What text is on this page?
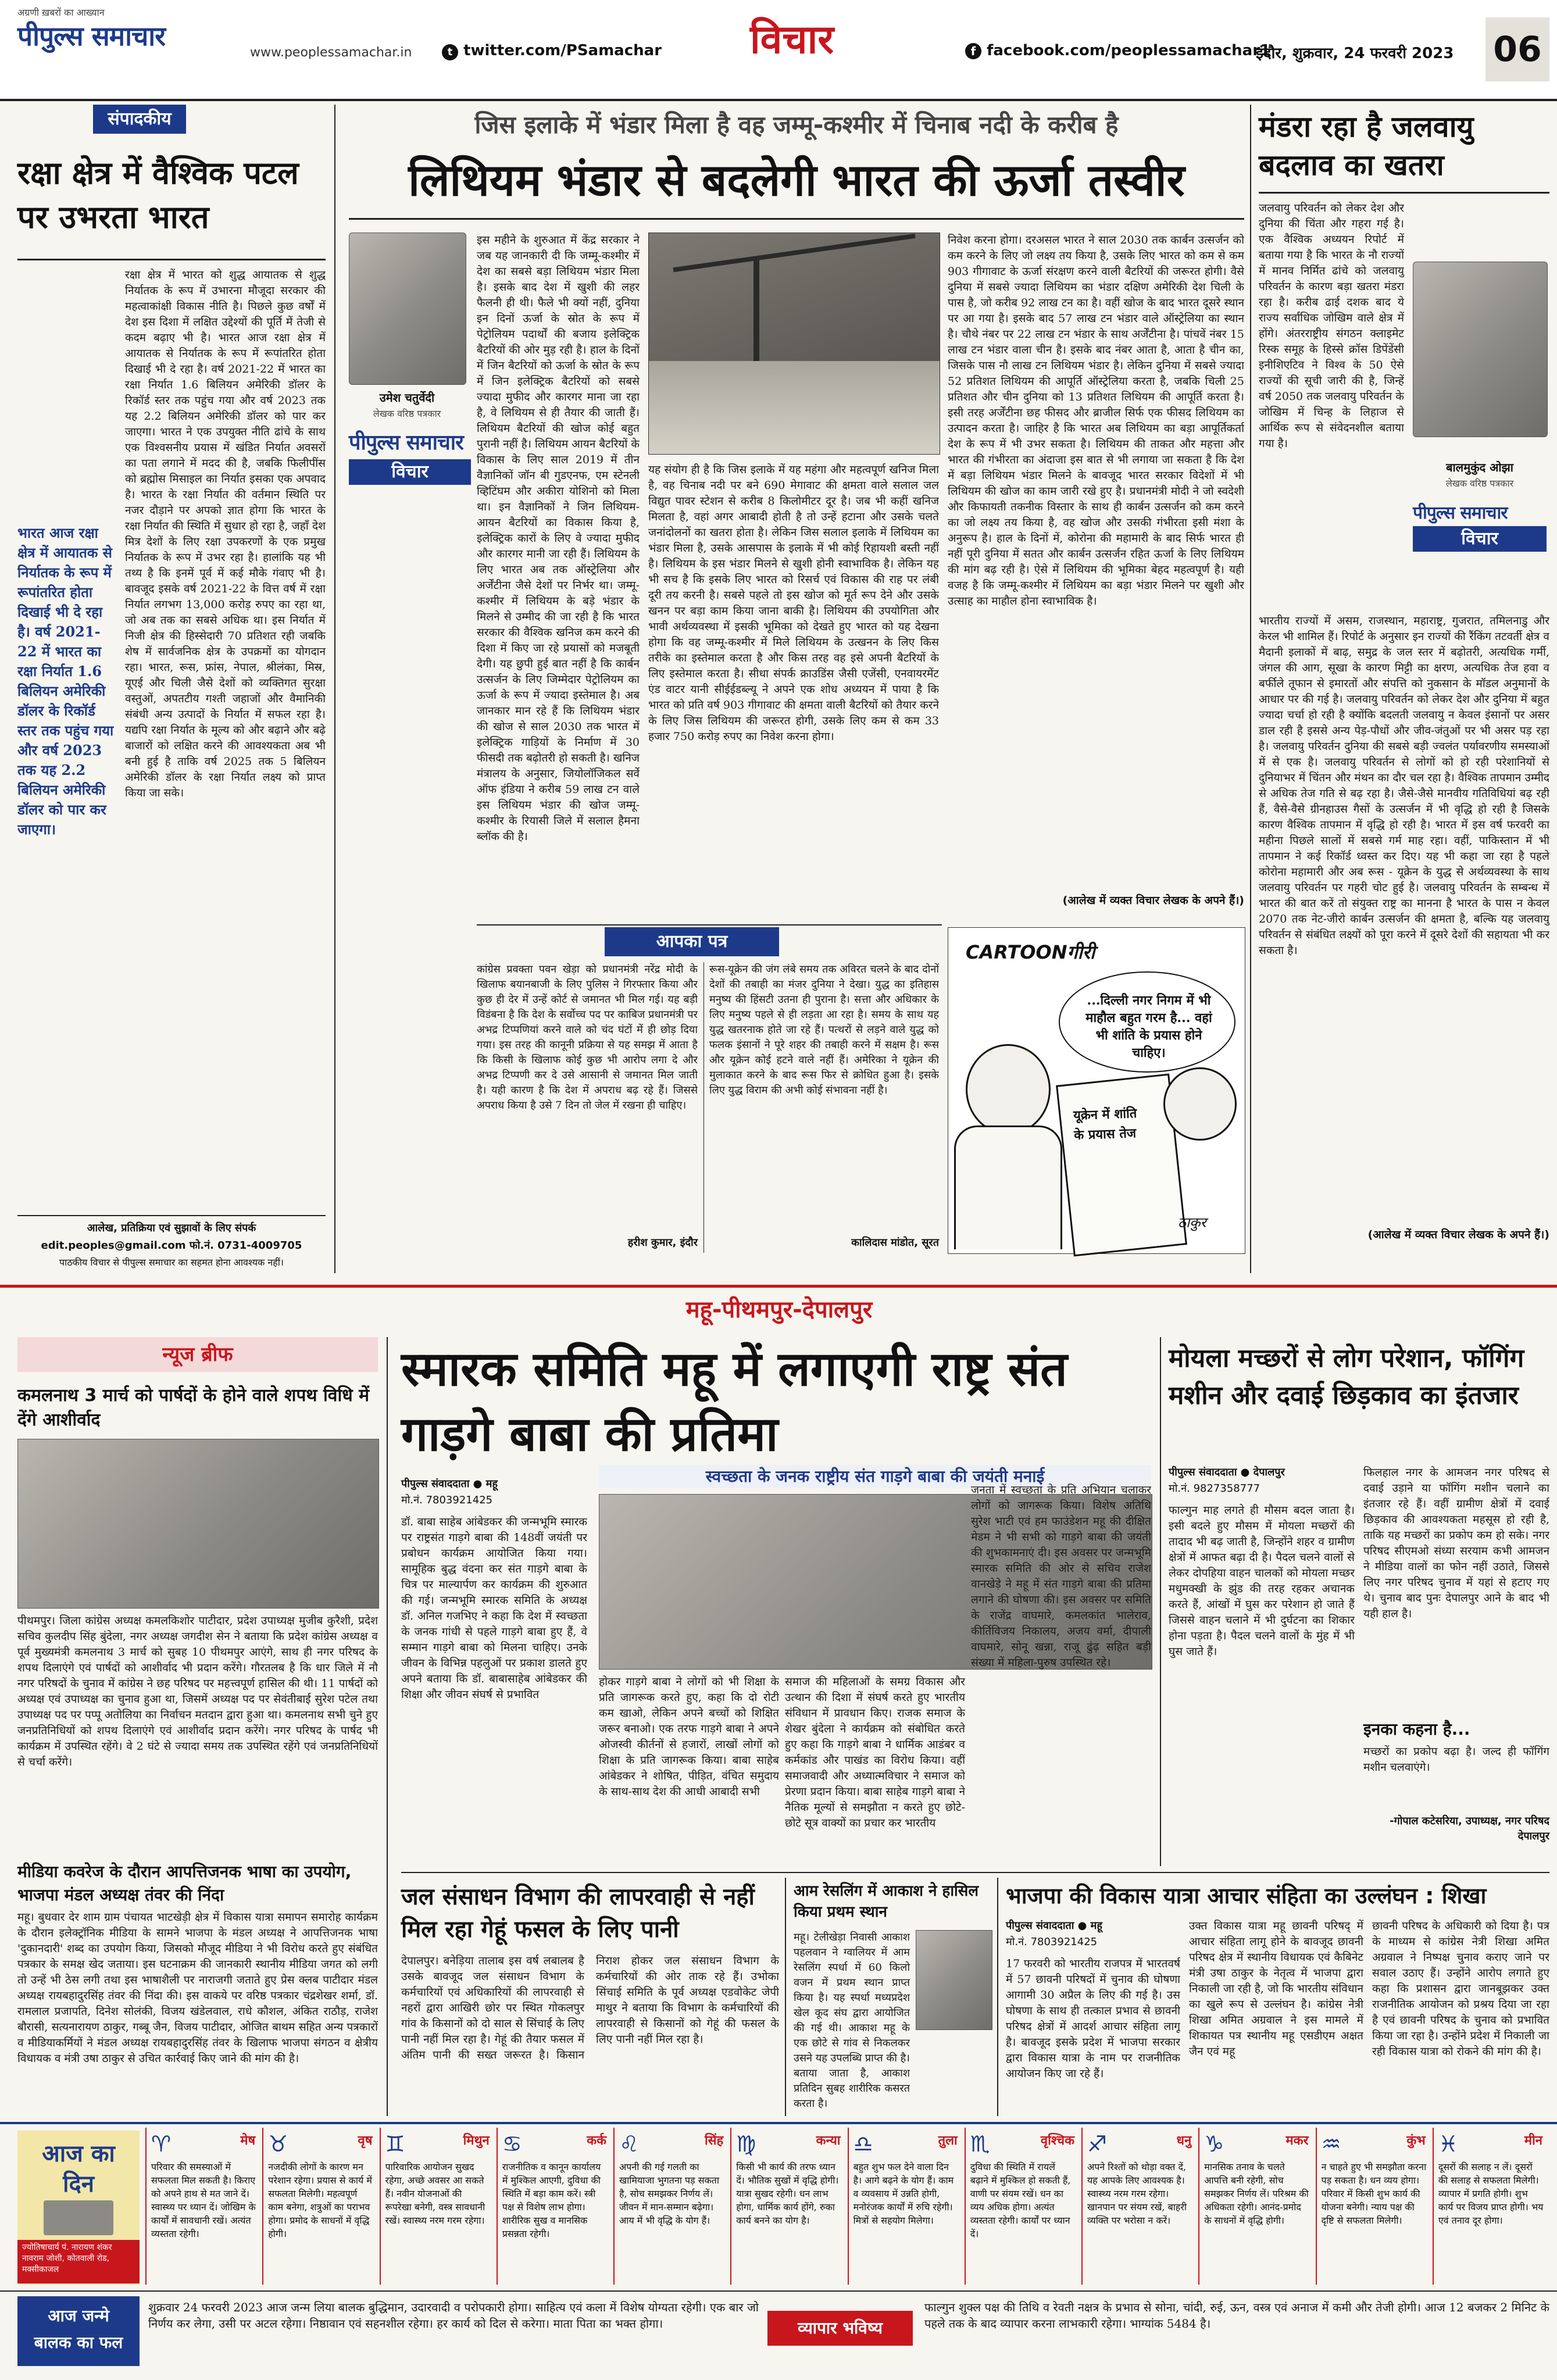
अग्रणी ख़बरों का आख्यान
पीपुल्स समाचार
www.peoplessamachar.in	t twitter.com/PSamachar विचार	f facebook.com/peoplessamachar1
इंदौर, शुक्रवार, 24 फरवरी 2023 06
संपादकीय
रक्षा क्षेत्र में वैश्विक पटल पर उभरता भारत
रक्षा क्षेत्र में भारत को शुद्ध आयातक से शुद्ध निर्यातक के रूप में उभारना मौजूदा सरकार की महत्वाकांक्षी विकास नीति है। पिछले कुछ वर्षों में देश इस दिशा में लक्षित उद्देश्यों की पूर्ति में तेजी से कदम बढ़ाए भी है। भारत आज रक्षा क्षेत्र में आयातक से निर्यातक के रूप में रूपांतरित होता दिखाई भी दे रहा है। वर्ष 2021-22 में भारत का रक्षा निर्यात 1.6 बिलियन अमेरिकी डॉलर के रिकॉर्ड स्तर तक पहुंच गया और वर्ष 2023 तक यह 2.2 बिलियन अमेरिकी डॉलर को पार कर जाएगा। भारत ने एक उपयुक्त नीति ढांचे के साथ एक विश्वसनीय प्रयास में खंडित निर्यात अवसरों का पता लगाने में मदद की है, जबकि फिलीपींस को ब्रह्मोस मिसाइल का निर्यात इसका एक अपवाद है। भारत के रक्षा निर्यात की वर्तमान स्थिति पर नजर दौड़ाने पर अपको ज्ञात होगा कि भारत के रक्षा निर्यात की स्थिति में सुधार हो रहा है, जहाँ देश मित्र देशों के लिए रक्षा उपकरणों के एक प्रमुख निर्यातक के रूप में उभर रहा है। हालांकि यह भी तथ्य है कि इनमें पूर्व में कई मौके गंवाए भी है। बावजूद इसके वर्ष 2021-22 के वित्त वर्ष में रक्षा निर्यात लगभग 13,000 करोड़ रुपए का रहा था, जो अब तक का सबसे अधिक था। इस निर्यात में निजी क्षेत्र की हिस्सेदारी 70 प्रतिशत रही जबकि शेष में सार्वजनिक क्षेत्र के उपक्रमों का योगदान रहा। भारत, रूस, फ्रांस, नेपाल, श्रीलंका, मिस्र, यूएई और चिली जैसे देशों को व्यक्तिगत सुरक्षा वस्तुओं, अपतटीय गश्ती जहाजों और वैमानिकी संबंधी अन्य उत्पादों के निर्यात में सफल रहा है। यद्यपि रक्षा निर्यात के मूल्य को और बढ़ाने और बढ़े बाजारों को लक्षित करने की आवश्यकता अब भी बनी हुई है ताकि वर्ष 2025 तक 5 बिलियन अमेरिकी डॉलर के रक्षा निर्यात लक्ष्य को प्राप्त किया जा सके।
भारत आज रक्षा क्षेत्र में आयातक से निर्यातक के रूप में रूपांतरित होता दिखाई भी दे रहा है। वर्ष 2021-22 में भारत का रक्षा निर्यात 1.6 बिलियन अमेरिकी डॉलर के रिकॉर्ड स्तर तक पहुंच गया और वर्ष 2023 तक यह 2.2 बिलियन अमेरिकी डॉलर को पार कर जाएगा।
आलेख, प्रतिक्रिया एवं सुझावों के लिए संपर्क
edit.peoples@gmail.com फो.नं. 0731-4009705
पाठकीय विचार से पीपुल्स समाचार का सहमत होना आवश्यक नहीं।
जिस इलाके में भंडार मिला है वह जम्मू-कश्मीर में चिनाब नदी के करीब है
लिथियम भंडार से बदलेगी भारत की ऊर्जा तस्वीर
उमेश चतुर्वेदी
लेखक वरिष्ठ पत्रकार
पीपुल्स समाचार
विचार
इस महीने के शुरुआत में केंद्र सरकार ने जब यह जानकारी दी कि जम्मू-कश्मीर में देश का सबसे बड़ा लिथियम भंडार मिला है। इसके बाद देश में खुशी की लहर फैलनी ही थी। फैले भी क्यों नहीं, दुनिया इन दिनों ऊर्जा के स्रोत के रूप में पेट्रोलियम पदार्थों की बजाय इलेक्ट्रिक बैटरियों की ओर मुड़ रही है। हाल के दिनों में जिन बैटरियों को ऊर्जा के स्रोत के रूप में जिन इलेक्ट्रिक बैटरियों को सबसे ज्यादा मुफीद और कारगर माना जा रहा है, वे लिथियम से ही तैयार की जाती हैं। लिथियम बैटरियों की खोज कोई बहुत पुरानी नहीं है। लिथियम आयन बैटरियों के विकास के लिए साल 2019 में तीन वैज्ञानिकों जॉन बी गुडएनफ, एम स्टेनली व्हिटिंघम और अकीरा योशिनो को मिला था। इन वैज्ञानिकों ने जिन लिथियम- आयन बैटरियों का विकास किया है, इलेक्ट्रिक कारों के लिए वे ज्यादा मुफीद और कारगर मानी जा रही हैं। लिथियम के लिए भारत अब तक ऑस्ट्रेलिया और अर्जेंटीना जैसे देशों पर निर्भर था। जम्मू-कश्मीर में लिथियम के बड़े भंडार के मिलने से उम्मीद की जा रही है कि भारत सरकार की वैश्विक खनिज कम करने की दिशा में किए जा रहे प्रयासों को मजबूती देगी। यह छुपी हुई बात नहीं है कि कार्बन उत्सर्जन के लिए जिम्मेदार पेट्रोलियम का ऊर्जा के रूप में ज्यादा इस्तेमाल है। अब जानकार मान रहे हैं कि लिथियम भंडार की खोज से साल 2030 तक भारत में इलेक्ट्रिक गाड़ियों के निर्माण में 30 फीसदी तक बढ़ोतरी हो सकती है। खनिज मंत्रालय के अनुसार, जियोलॉजिकल सर्वे ऑफ इंडिया ने करीब 59 लाख टन वाले इस लिथियम भंडार की खोज जम्मू-कश्मीर के रियासी जिले में सलाल हैमना ब्लॉक की है।
यह संयोग ही है कि जिस इलाके में यह महंगा और महत्वपूर्ण खनिज मिला है, वह चिनाब नदी पर बने 690 मेगावाट की क्षमता वाले सलाल जल विद्युत पावर स्टेशन से करीब 8 किलोमीटर दूर है। जब भी कहीं खनिज मिलता है, वहां अगर आबादी होती है तो उन्हें हटाना और उसके चलते जनांदोलनों का खतरा होता है। लेकिन जिस सलाल इलाके में लिथियम का भंडार मिला है, उसके आसपास के इलाके में भी कोई रिहायशी बस्ती नहीं है। लिथियम के इस भंडार मिलने से खुशी होनी स्वाभाविक है। लेकिन यह भी सच है कि इसके लिए भारत को रिसर्च एवं विकास की राह पर लंबी दूरी तय करनी है। सबसे पहले तो इस खोज को मूर्त रूप देने और उसके खनन पर बड़ा काम किया जाना बाकी है। लिथियम की उपयोगिता और भावी अर्थव्यवस्था में इसकी भूमिका को देखते हुए भारत को यह देखना होगा कि वह जम्मू-कश्मीर में मिले लिथियम के उत्खनन के लिए किस तरीके का इस्तेमाल करता है और किस तरह वह इसे अपनी बैटरियों के लिए इस्तेमाल करता है। सीधा संपर्क क्राउडिंस जैसी एजेंसी, एनवायरमेंट एंड वाटर यानी सीईईडब्ल्यू ने अपने एक शोध अध्ययन में पाया है कि भारत को प्रति वर्ष 903 गीगावाट की क्षमता वाली बैटरियों को तैयार करने के लिए जिस लिथियम की जरूरत होगी, उसके लिए कम से कम 33 हजार 750 करोड़ रुपए का निवेश करना होगा।
निवेश करना होगा। दरअसल भारत ने साल 2030 तक कार्बन उत्सर्जन को कम करने के लिए जो लक्ष्य तय किया है, उसके लिए भारत को कम से कम 903 गीगावाट के ऊर्जा संरक्षण करने वाली बैटरियों की जरूरत होगी। वैसे दुनिया में सबसे ज्यादा लिथियम का भंडार दक्षिण अमेरिकी देश चिली के पास है, जो करीब 92 लाख टन का है। वहीं खोज के बाद भारत दूसरे स्थान पर आ गया है। इसके बाद 57 लाख टन भंडार वाले ऑस्ट्रेलिया का स्थान है। चौथे नंबर पर 22 लाख टन भंडार के साथ अर्जेंटीना है। पांचवें नंबर 15 लाख टन भंडार वाला चीन है। इसके बाद नंबर आता है, आता है चीन का, जिसके पास नौ लाख टन लिथियम भंडार है। लेकिन दुनिया में सबसे ज्यादा 52 प्रतिशत लिथियम की आपूर्ति ऑस्ट्रेलिया करता है, जबकि चिली 25 प्रतिशत और चीन दुनिया को 13 प्रतिशत लिथियम की आपूर्ति करता है। इसी तरह अर्जेंटीना छह फीसद और ब्राजील सिर्फ एक फीसद लिथियम का उत्पादन करता है। जाहिर है कि भारत अब लिथियम का बड़ा आपूर्तिकर्ता देश के रूप में भी उभर सकता है। लिथियम की ताकत और महत्ता और भारत की गंभीरता का अंदाजा इस बात से भी लगाया जा सकता है कि देश में बड़ा लिथियम भंडार मिलने के बावजूद भारत सरकार विदेशों में भी लिथियम की खोज का काम जारी रखे हुए है। प्रधानमंत्री मोदी ने जो स्वदेशी और किफायती तकनीक विस्तार के साथ ही कार्बन उत्सर्जन को कम करने का जो लक्ष्य तय किया है, वह खोज और उसकी गंभीरता इसी मंशा के अनुरूप है। हाल के दिनों में, कोरोना की महामारी के बाद सिर्फ भारत ही नहीं पूरी दुनिया में सतत और कार्बन उत्सर्जन रहित ऊर्जा के लिए लिथियम की मांग बढ़ रही है। ऐसे में लिथियम की भूमिका बेहद महत्वपूर्ण है। यही वजह है कि जम्मू-कश्मीर में लिथियम का बड़ा भंडार मिलने पर खुशी और उत्साह का माहौल होना स्वाभाविक है।
(आलेख में व्यक्त विचार लेखक के अपने हैं।)
मंडरा रहा है जलवायु बदलाव का खतरा
जलवायु परिवर्तन को लेकर देश और दुनिया की चिंता और गहरा गई है। एक वैश्विक अध्ययन रिपोर्ट में बताया गया है कि भारत के नौ राज्यों में मानव निर्मित ढांचे को जलवायु परिवर्तन के कारण बड़ा खतरा मंडरा रहा है। करीब ढाई दशक बाद ये राज्य सर्वाधिक जोखिम वाले क्षेत्र में होंगे। अंतरराष्ट्रीय संगठन क्लाइमेट रिस्क समूह के हिस्से क्रॉस डिपेंडेंसी इनीशिएटिव ने विश्व के 50 ऐसे राज्यों की सूची जारी की है, जिन्हें वर्ष 2050 तक जलवायु परिवर्तन के जोखिम में चिन्ह के लिहाज से आर्थिक रूप से संवेदनशील बताया गया है।
बालमुकुंद ओझा
लेखक वरिष्ठ पत्रकार
पीपुल्स समाचार
विचार
भारतीय राज्यों में असम, राजस्थान, महाराष्ट्र, गुजरात, तमिलनाडु और केरल भी शामिल हैं। रिपोर्ट के अनुसार इन राज्यों की रैंकिंग तटवर्ती क्षेत्र व मैदानी इलाकों में बाढ़, समुद्र के जल स्तर में बढ़ोतरी, अत्यधिक गर्मी, जंगल की आग, सूखा के कारण मिट्टी का क्षरण, अत्यधिक तेज हवा व बर्फीले तूफान से इमारतों और संपत्ति को नुकसान के मॉडल अनुमानों के आधार पर की गई है। जलवायु परिवर्तन को लेकर देश और दुनिया में बहुत ज्यादा चर्चा हो रही है क्योंकि बदलती जलवायु न केवल इंसानों पर असर डाल रही है इससे अन्य पेड़-पौधों और जीव-जंतुओं पर भी असर पड़ रहा है। जलवायु परिवर्तन दुनिया की सबसे बड़ी ज्वलंत पर्यावरणीय समस्याओं में से एक है। जलवायु परिवर्तन से लोगों को हो रही परेशानियों से दुनियाभर में चिंतन और मंथन का दौर चल रहा है। वैश्विक तापमान उम्मीद से अधिक तेज गति से बढ़ रहा है। जैसे-जैसे मानवीय गतिविधियां बढ़ रही हैं, वैसे-वैसे ग्रीनहाउस गैसों के उत्सर्जन में भी वृद्धि हो रही है जिसके कारण वैश्विक तापमान में वृद्धि हो रही है। भारत में इस वर्ष फरवरी का महीना पिछले सालों में सबसे गर्म माह रहा। वहीं, पाकिस्तान में भी तापमान ने कई रिकॉर्ड ध्वस्त कर दिए। यह भी कहा जा रहा है पहले कोरोना महामारी और अब रूस - यूक्रेन के युद्ध से अर्थव्यवस्था के साथ जलवायु परिवर्तन पर गहरी चोट हुई है। जलवायु परिवर्तन के सम्बन्ध में भारत की बात करें तो संयुक्त राष्ट्र का मानना है भारत के पास न केवल 2070 तक नेट-जीरो कार्बन उत्सर्जन की क्षमता है, बल्कि यह जलवायु परिवर्तन से संबंधित लक्ष्यों को पूरा करने में दूसरे देशों की सहायता भी कर सकता है।
(आलेख में व्यक्त विचार लेखक के अपने हैं।)
आपका पत्र
कांग्रेस प्रवक्ता पवन खेड़ा को प्रधानमंत्री नरेंद्र मोदी के खिलाफ बयानबाजी के लिए पुलिस ने गिरफ्तार किया और कुछ ही देर में उन्हें कोर्ट से जमानत भी मिल गई। यह बड़ी विडंबना है कि देश के सर्वोच्च पद पर काबिज प्रधानमंत्री पर अभद्र टिप्पणियां करने वाले को चंद घंटों में ही छोड़ दिया गया। इस तरह की कानूनी प्रक्रिया से यह समझ में आता है कि किसी के खिलाफ कोई कुछ भी आरोप लगा दे और अभद्र टिप्पणी कर दे उसे आसानी से जमानत मिल जाती है। यही कारण है कि देश में अपराध बढ़ रहे हैं। जिससे अपराध किया है उसे 7 दिन तो जेल में रखना ही चाहिए।
हरीश कुमार, इंदौर
रूस-यूक्रेन की जंग लंबे समय तक अविरत चलने के बाद दोनों देशों की तबाही का मंजर दुनिया ने देखा। युद्ध का इतिहास मनुष्य की हिंसटी उतना ही पुराना है। सत्ता और अधिकार के लिए मनुष्य पहले से ही लड़ता आ रहा है। समय के साथ यह युद्ध खतरनाक होते जा रहे हैं। पत्थरों से लड़ने वाले युद्ध को फलक इंसानों ने पूरे शहर की तबाही करने में सक्षम है। रूस और यूक्रेन कोई हटने वाले नहीं हैं। अमेरिका ने यूक्रेन की मुलाकात करने के बाद रूस फिर से क्रोधित हुआ है। इसके लिए युद्ध विराम की अभी कोई संभावना नहीं है।
कालिदास मांडोत, सूरत
CARTOONगीरी
...दिल्ली नगर निगम में भी माहौल बहुत गरम है... वहां भी शांति के प्रयास होने चाहिए।
यूक्रेन में शांति के प्रयास तेज
ठाकुर
महू-पीथमपुर-देपालपुर
न्यूज ब्रीफ
कमलनाथ 3 मार्च को पार्षदों के होने वाले शपथ विधि में देंगे आशीर्वाद
पीथमपुर। जिला कांग्रेस अध्यक्ष कमलकिशोर पाटीदार, प्रदेश उपाध्यक्ष मुजीब कुरैशी, प्रदेश सचिव कुलदीप सिंह बुंदेला, नगर अध्यक्ष जगदीश सेन ने बताया कि प्रदेश कांग्रेस अध्यक्ष व पूर्व मुख्यमंत्री कमलनाथ 3 मार्च को सुबह 10 पीथमपुर आएंगे, साथ ही नगर परिषद के शपथ दिलाएंगे एवं पार्षदों को आशीर्वाद भी प्रदान करेंगे। गौरतलब है कि धार जिले में नौ नगर परिषदों के चुनाव में कांग्रेस ने छह परिषद पर महत्त्वपूर्ण हासिल की थी। 11 पार्षदों को अध्यक्ष एवं उपाध्यक्ष का चुनाव हुआ था, जिसमें अध्यक्ष पद पर सेवंतीबाई सुरेश पटेल तथा उपाध्यक्ष पद पर पप्पू अतोलिया का निर्वाचन मतदान द्वारा हुआ था। कमलनाथ सभी चुने हुए जनप्रतिनिधियों को शपथ दिलाएंगे एवं आशीर्वाद प्रदान करेंगे। नगर परिषद के पार्षद भी कार्यक्रम में उपस्थित रहेंगे। वे 2 घंटे से ज्यादा समय तक उपस्थित रहेंगे एवं जनप्रतिनिधियों से चर्चा करेंगे।
मीडिया कवरेज के दौरान आपत्तिजनक भाषा का उपयोग, भाजपा मंडल अध्यक्ष तंवर की निंदा
महू। बुधवार देर शाम ग्राम पंचायत भाटखेड़ी क्षेत्र में विकास यात्रा समापन समारोह कार्यक्रम के दौरान इलेक्ट्रॉनिक मीडिया के सामने भाजपा के मंडल अध्यक्ष ने आपत्तिजनक भाषा 'दुकानदारी' शब्द का उपयोग किया, जिसको मौजूद मीडिया ने भी विरोध करते हुए संबंधित पत्रकार के समक्ष खेद जताया। इस घटनाक्रम की जानकारी स्थानीय मीडिया जगत को लगी तो उन्हें भी ठेस लगी तथा इस भाषाशैली पर नाराजगी जताते हुए प्रेस क्लब पाटीदार मंडल अध्यक्ष रायबहादुरसिंह तंवर की निंदा की। इस वाकये पर वरिष्ठ पत्रकार चंद्रशेखर शर्मा, डॉ. रामलाल प्रजापति, दिनेश सोलंकी, विजय खंडेलवाल, राधे कौशल, अंकित राठौड़, राजेश बौरासी, सत्यनारायण ठाकुर, गब्बू जैन, विजय पाटीदार, ओजित बाथम सहित अन्य पत्रकारों व मीडियाकर्मियों ने मंडल अध्यक्ष रायबहादुरसिंह तंवर के खिलाफ भाजपा संगठन व क्षेत्रीय विधायक व मंत्री उषा ठाकुर से उचित कार्रवाई किए जाने की मांग की है।
स्मारक समिति महू में लगाएगी राष्ट्र संत गाड़गे बाबा की प्रतिमा
पीपुल्स संवाददाता ● महू
मो.नं. 7803921425
स्वच्छता के जनक राष्ट्रीय संत गाड़गे बाबा की जयंती मनाई
डॉ. बाबा साहेब आंबेडकर की जन्मभूमि स्मारक पर राष्ट्रसंत गाड़गे बाबा की 148वीं जयंती पर प्रबोधन कार्यक्रम आयोजित किया गया। सामूहिक बुद्ध वंदना कर संत गाड़गे बाबा के चित्र पर माल्यार्पण कर कार्यक्रम की शुरुआत की गई। जन्मभूमि स्मारक समिति के अध्यक्ष डॉ. अनिल गजभिए ने कहा कि देश में स्वच्छता के जनक गांधी से पहले गाड़गे बाबा हुए हैं, वे सम्मान गाड़गे बाबा को मिलना चाहिए। उनके जीवन के विभिन्न पहलुओं पर प्रकाश डालते हुए अपने बताया कि डॉ. बाबासाहेब आंबेडकर की शिक्षा और जीवन संघर्ष से प्रभावित
होकर गाड़गे बाबा ने लोगों को भी शिक्षा के प्रति जागरूक करते हुए, कहा कि दो रोटी कम खाओ, लेकिन अपने बच्चों को शिक्षित जरूर बनाओ। एक तरफ गाड़गे बाबा ने अपने ओजस्वी कीर्तनों से हजारों, लाखों लोगों को शिक्षा के प्रति जागरूक किया। बाबा साहेब आंबेडकर ने शोषित, पीड़ित, वंचित समुदाय के साथ-साथ देश की आधी आबादी सभी
समाज की महिलाओं के समग्र विकास और उत्थान की दिशा में संघर्ष करते हुए भारतीय संविधान में प्रावधान किए। राजक समाज के शेखर बुंदेला ने कार्यक्रम को संबोधित करते हुए कहा कि गाड़गे बाबा ने धार्मिक आडंबर व कर्मकांड और पाखंड का विरोध किया। वहीं समाजवादी और अध्यात्मविचार ने समाज को प्रेरणा प्रदान किया। बाबा साहेब गाड़गे बाबा ने नैतिक मूल्यों से समझौता न करते हुए छोटे-छोटे सूत्र वाक्यों का प्रचार कर भारतीय
जनता में स्वच्छता के प्रति अभियान चलाकर लोगों को जागरूक किया। विशेष अतिथि सुरेश भाटी एवं हम फाउंडेशन महू की दीक्षित मेडम ने भी सभी को गाड़गे बाबा की जयंती की शुभकामनाएं दी। इस अवसर पर जन्मभूमि स्मारक समिति की ओर से सचिव राजेश वानखेड़े ने महू में संत गाड़गे बाबा की प्रतिमा लगाने की घोषणा की। इस अवसर पर समिति के राजेंद्र वाघमारे, कमलकांत भालेराव, कीर्तिविजय निकालय, अजय वर्मा, दीपाली वाघमारे, सोनू खन्ना, राजू ढुंढ़ सहित बड़ी संख्या में महिला-पुरुष उपस्थित रहे।
मोयला मच्छरों से लोग परेशान, फॉगिंग मशीन और दवाई छिड़काव का इंतजार
पीपुल्स संवाददाता ● देपालपुर
मो.नं. 9827358777
फाल्गुन माह लगते ही मौसम बदल जाता है। इसी बदले हुए मौसम में मोयला मच्छरों की तादाद भी बढ़ जाती है, जिन्होंने शहर व ग्रामीण क्षेत्रों में आफत बढ़ा दी है। पैदल चलने वालों से लेकर दोपहिया वाहन चालकों को मोयला मच्छर मधुमक्खी के झुंड की तरह रहकर अचानक करते हैं, आंखों में घुस कर परेशान हो जाते हैं जिससे वाहन चलाने में भी दुर्घटना का शिकार होना पड़ता है। पैदल चलने वालों के मुंह में भी घुस जाते हैं।
फिलहाल नगर के आमजन नगर परिषद से दवाई उड़ाने या फॉगिंग मशीन चलाने का इंतजार रहे हैं। वहीं ग्रामीण क्षेत्रों में दवाई छिड़काव की आवश्यकता महसूस हो रही है, ताकि यह मच्छरों का प्रकोप कम हो सके। नगर परिषद सीएमओ संध्या सरयाम कभी आमजन ने मीडिया वालों का फोन नहीं उठाते, जिससे लिए नगर परिषद चुनाव में यहां से हटाए गए थे। चुनाव बाद पुनः देपालपुर आने के बाद भी यही हाल है।
इनका कहना है...
मच्छरों का प्रकोप बढ़ा है। जल्द ही फॉगिंग मशीन चलवाएंगे।
-गोपाल कटेसरिया, उपाध्यक्ष, नगर परिषद देपालपुर
जल संसाधन विभाग की लापरवाही से नहीं मिल रहा गेहूं फसल के लिए पानी
देपालपुर। बनेड़िया तालाब इस वर्ष लबालब है उसके बावजूद जल संसाधन विभाग के कर्मचारियों एवं अधिकारियों की लापरवाही से नहरों द्वारा आखिरी छोर पर स्थित गोकलपुर गांव के किसानों को दो साल से सिंचाई के लिए पानी नहीं मिल रहा है। गेहूं की तैयार फसल में अंतिम पानी की सख्त जरूरत है। किसान निराश होकर जल संसाधन विभाग के कर्मचारियों की ओर ताक रहे हैं। उभोका सिंचाई समिति के पूर्व अध्यक्ष एडवोकेट जेपी माथुर ने बताया कि विभाग के कर्मचारियों की लापरवाही से किसानों को गेहूं की फसल के लिए पानी नहीं मिल रहा है।
आम रेसलिंग में आकाश ने हासिल किया प्रथम स्थान
महू। टेलीखेड़ा निवासी आकाश पहलवान ने ग्वालियर में आम रेसलिंग स्पर्धा में 60 किलो वजन में प्रथम स्थान प्राप्त किया है। यह स्पर्धा मध्यप्रदेश खेल कूद संघ द्वारा आयोजित की गई थी। आकाश महू के एक छोटे से गांव से निकलकर उसने यह उपलब्धि प्राप्त की है। बताया जाता है, आकाश प्रतिदिन सुबह शारीरिक कसरत करता है।
भाजपा की विकास यात्रा आचार संहिता का उल्लंघन : शिखा
पीपुल्स संवाददाता ● महू
मो.नं. 7803921425
17 फरवरी को भारतीय राजपत्र में भारतवर्ष में 57 छावनी परिषदों में चुनाव की घोषणा आगामी 30 अप्रैल के लिए की गई है। उस घोषणा के साथ ही तत्काल प्रभाव से छावनी परिषद क्षेत्रों में आदर्श आचार संहिता लागू है। बावजूद इसके प्रदेश में भाजपा सरकार द्वारा विकास यात्रा के नाम पर राजनीतिक आयोजन किए जा रहे हैं।
उक्त विकास यात्रा महू छावनी परिषद् में आचार संहिता लागू होने के बावजूद छावनी परिषद क्षेत्र में स्थानीय विधायक एवं कैबिनेट मंत्री उषा ठाकुर के नेतृत्व में भाजपा द्वारा निकाली जा रही है, जो कि भारतीय संविधान का खुले रूप से उल्लंघन है। कांग्रेस नेत्री शिखा अमित अग्रवाल ने इस मामले में शिकायत पत्र स्थानीय महू एसडीएम अक्षत जैन एवं महू
छावनी परिषद के अधिकारी को दिया है। पत्र के माध्यम से कांग्रेस नेत्री शिखा अमित अग्रवाल ने निष्पक्ष चुनाव कराए जाने पर सवाल उठाए हैं। उन्होंने आरोप लगाते हुए कहा कि प्रशासन द्वारा जानबूझकर उक्त राजनीतिक आयोजन को प्रश्रय दिया जा रहा है एवं छावनी परिषद के चुनाव को प्रभावित किया जा रहा है। उन्होंने प्रदेश में निकाली जा रही विकास यात्रा को रोकने की मांग की है।
आज का
दिन
ज्योतिषाचार्य पं. नारायण शंकर नावराम जोशी, कोतवाली रोड, मक्सीकाजल
♈	मेष
परिवार की समस्याओं में सफलता मिल सकती है। किराए को अपने हाथ से मत जाने दें। स्वास्थ्य पर ध्यान दें। जोखिम के कार्यों में सावधानी रखें। अत्यंत व्यस्तता रहेगी।
♉	वृष
नजदीकी लोगों के कारण मन परेशान रहेगा। प्रयास से कार्य में सफलता मिलेगी। महत्वपूर्ण काम बनेगा, शत्रुओं का पराभव होगा। प्रमोद के साधनों में वृद्धि होगी।
♊	मिथुन
पारिवारिक आयोजन सुखद रहेगा, अच्छे अवसर आ सकते हैं। नवीन योजनाओं की रूपरेखा बनेगी, वस्त्र सावधानी रखें। स्वास्थ्य नरम गरम रहेगा।
♋	कर्क
राजनीतिक व कानून कार्यालय में मुश्किल आएगी, दुविधा की स्थिति में बड़ा काम करें। स्त्री पक्ष से विशेष लाभ होगा। शारीरिक सुख व मानसिक प्रसन्नता रहेगी।
♌	सिंह
अपनी की गई गलती का खामियाजा भुगतना पड़ सकता है, सोच समझकर निर्णय लें। जीवन में मान-सम्मान बढ़ेगा। आय में भी वृद्धि के योग हैं।
♍	कन्या
किसी भी कार्य की तरफ ध्यान दें। भौतिक सुखों में वृद्धि होगी। यात्रा सुखद रहेगी। धन लाभ होगा, धार्मिक कार्य होंगे, रुका कार्य बनने का योग है।
♎	तुला
बहुत शुभ फल देने वाला दिन है। आगे बढ़ने के योग हैं। काम व व्यवसाय में उन्नति होगी, मनोरंजक कार्यों में रुचि रहेगी। मित्रों से सहयोग मिलेगा।
♏	वृश्चिक
दुविधा की स्थिति में रायलें बढ़ाने में मुश्किल हो सकती हैं, वाणी पर संयम रखें। धन का व्यय अधिक होगा। अत्यंत व्यस्तता रहेगी। कार्यों पर ध्यान दें।
♐	धनु
अपने रिश्तों को थोड़ा वक्त दें, यह आपके लिए आवश्यक है। स्वास्थ्य नरम गरम रहेगा। खानपान पर संयम रखें, बाहरी व्यक्ति पर भरोसा न करें।
♑	मकर
मानसिक तनाव के चलते आपत्ति बनी रहेगी, सोच समझकर निर्णय लें। परिश्रम की अधिकता रहेगी। आनंद-प्रमोद के साधनों में वृद्धि होगी।
♒	कुंभ
न चाहते हुए भी समझौता करना पड़ सकता है। धन व्यय होगा। परिवार में किसी शुभ कार्य की योजना बनेगी। न्याय पक्ष की दृष्टि से सफलता मिलेगी।
♓	मीन
दूसरों की सलाह न लें। दूसरों की सलाह से सफलता मिलेगी। व्यापार में प्रगति होगी। शुभ कार्य पर विजय प्राप्त होगी। भय एवं तनाव दूर होगा।
आज जन्मे
बालक का फल
शुक्रवार 24 फरवरी 2023 आज जन्म लिया बालक बुद्धिमान, उदारवादी व परोपकारी होगा। साहित्य एवं कला में विशेष योग्यता रहेगी। एक बार जो निर्णय कर लेगा, उसी पर अटल रहेगा। निष्ठावान एवं सहनशील रहेगा। हर कार्य को दिल से करेगा। माता पिता का भक्त होगा।	व्यापार भविष्य
फाल्गुन शुक्ल पक्ष की तिथि व रेवती नक्षत्र के प्रभाव से सोना, चांदी, रुई, ऊन, वस्त्र एवं अनाज में कमी और तेजी होगी। आज 12 बजकर 2 मिनिट के पहले तक के बाद व्यापार करना लाभकारी रहेगा। भाग्यांक 5484 है।
